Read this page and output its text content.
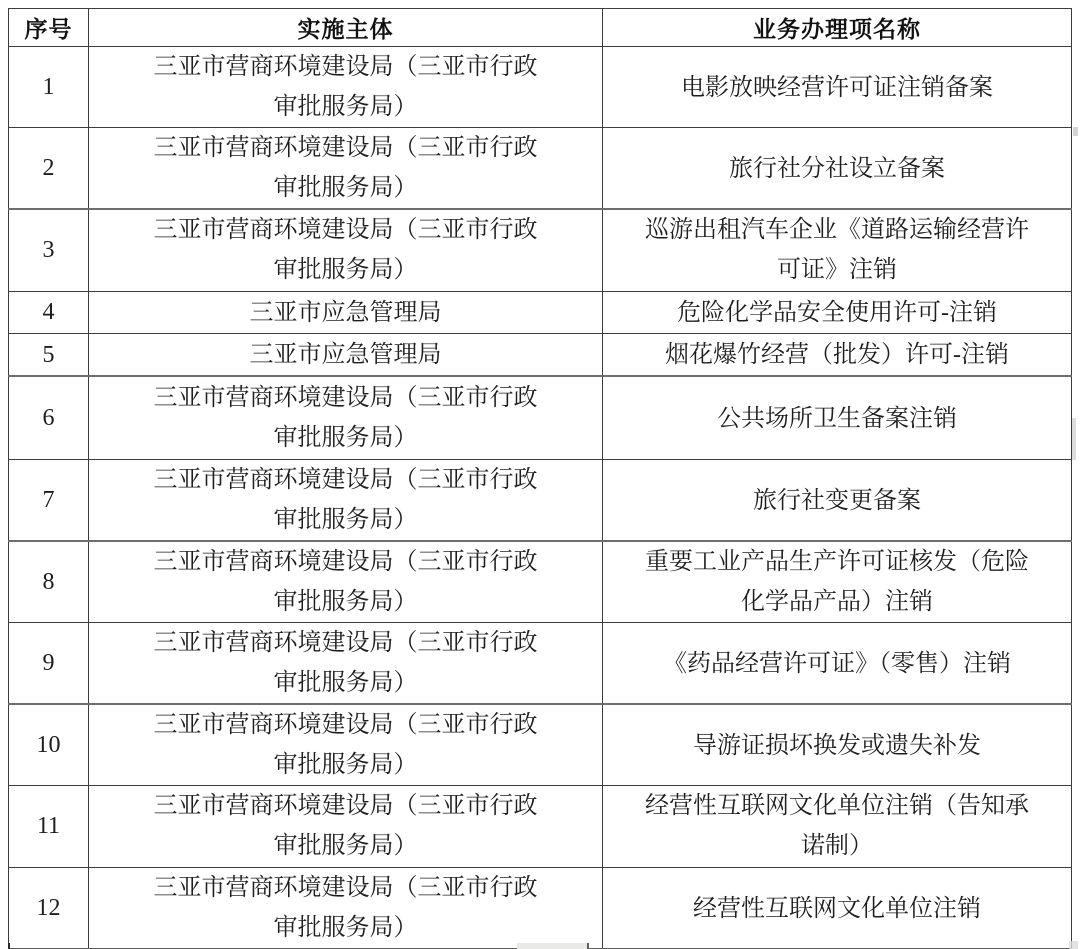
序号	实施主体	业务办理项名称
1	三亚市营商环境建设局（三亚市行政审批服务局）	电影放映经营许可证注销备案
2	三亚市营商环境建设局（三亚市行政审批服务局）	旅行社分社设立备案
3	三亚市营商环境建设局（三亚市行政审批服务局）	巡游出租汽车企业《道路运输经营许可证》注销
4	三亚市应急管理局	危险化学品安全使用许可-注销
5	三亚市应急管理局	烟花爆竹经营（批发）许可-注销
6	三亚市营商环境建设局（三亚市行政审批服务局）	公共场所卫生备案注销
7	三亚市营商环境建设局（三亚市行政审批服务局）	旅行社变更备案
8	三亚市营商环境建设局（三亚市行政审批服务局）	重要工业产品生产许可证核发（危险化学品产品）注销
9	三亚市营商环境建设局（三亚市行政审批服务局）	《药品经营许可证》（零售）注销
10	三亚市营商环境建设局（三亚市行政审批服务局）	导游证损坏换发或遗失补发
11	三亚市营商环境建设局（三亚市行政审批服务局）	经营性互联网文化单位注销（告知承诺制）
12	三亚市营商环境建设局（三亚市行政审批服务局）	经营性互联网文化单位注销
